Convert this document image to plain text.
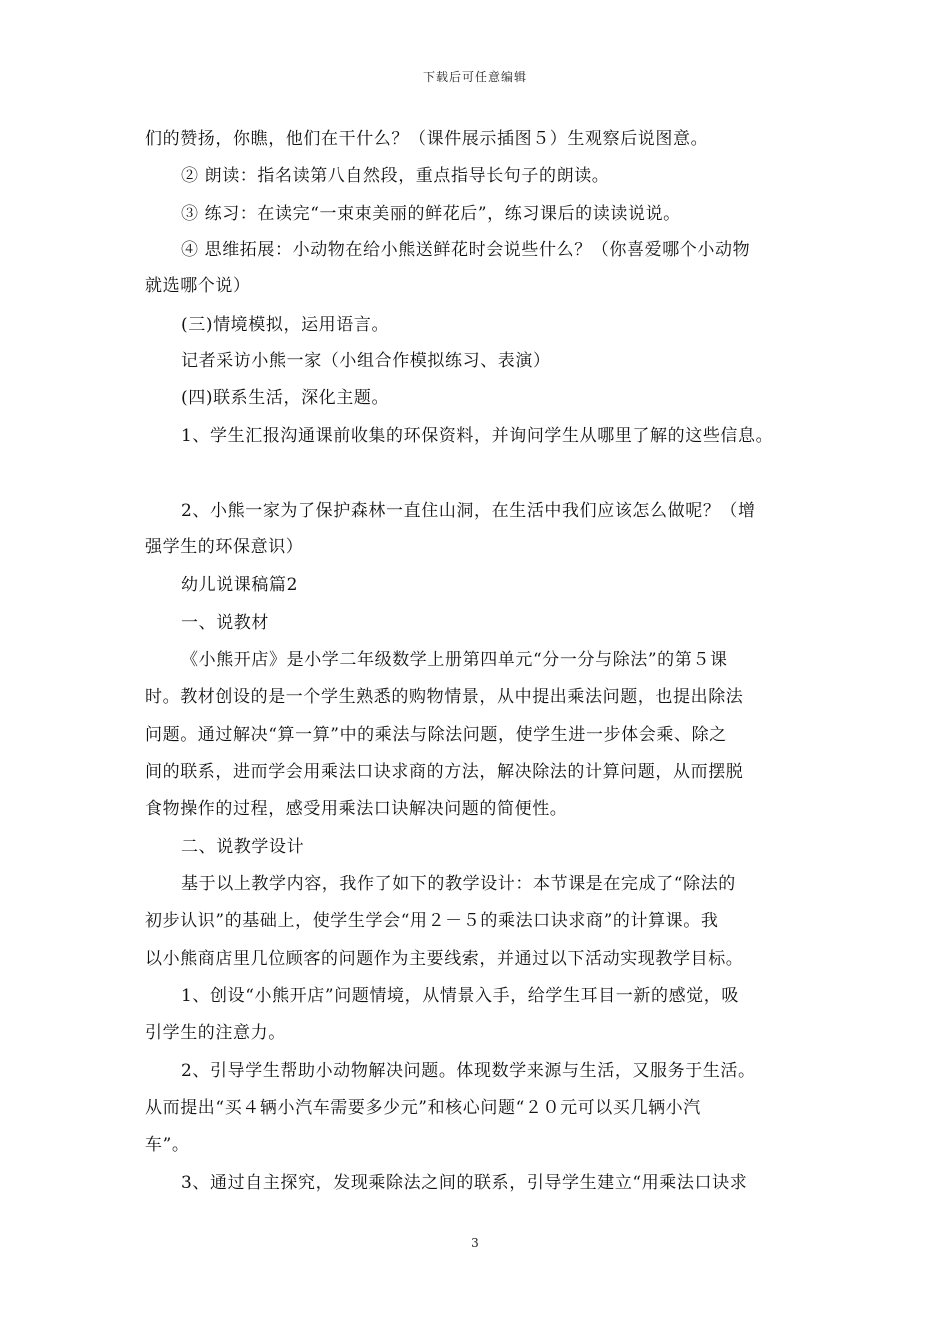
下载后可任意编辑
们的赞扬，你瞧，他们在干什么？（课件展示插图５）生观察后说图意。
② 朗读：指名读第八自然段，重点指导长句子的朗读。
③ 练习：在读完“一束束美丽的鲜花后”，练习课后的读读说说。
④ 思维拓展：小动物在给小熊送鲜花时会说些什么？（你喜爱哪个小动物
就选哪个说）
(三)情境模拟，运用语言。
记者采访小熊一家（小组合作模拟练习、表演）
(四)联系生活，深化主题。
1、学生汇报沟通课前收集的环保资料，并询问学生从哪里了解的这些信息。
2、小熊一家为了保护森林一直住山洞，在生活中我们应该怎么做呢？（增
强学生的环保意识）
幼儿说课稿篇2
一、说教材
《小熊开店》是小学二年级数学上册第四单元“分一分与除法”的第５课
时。教材创设的是一个学生熟悉的购物情景，从中提出乘法问题，也提出除法
问题。通过解决“算一算”中的乘法与除法问题，使学生进一步体会乘、除之
间的联系，进而学会用乘法口诀求商的方法，解决除法的计算问题，从而摆脱
食物操作的过程，感受用乘法口诀解决问题的简便性。
二、说教学设计
基于以上教学内容，我作了如下的教学设计：本节课是在完成了“除法的
初步认识”的基础上，使学生学会“用２－５的乘法口诀求商”的计算课。我
以小熊商店里几位顾客的问题作为主要线索，并通过以下活动实现教学目标。
1、创设“小熊开店”问题情境，从情景入手，给学生耳目一新的感觉，吸
引学生的注意力。
2、引导学生帮助小动物解决问题。体现数学来源与生活，又服务于生活。
从而提出“买４辆小汽车需要多少元”和核心问题“２０元可以买几辆小汽
车”。
3、通过自主探究，发现乘除法之间的联系，引导学生建立“用乘法口诀求
3
